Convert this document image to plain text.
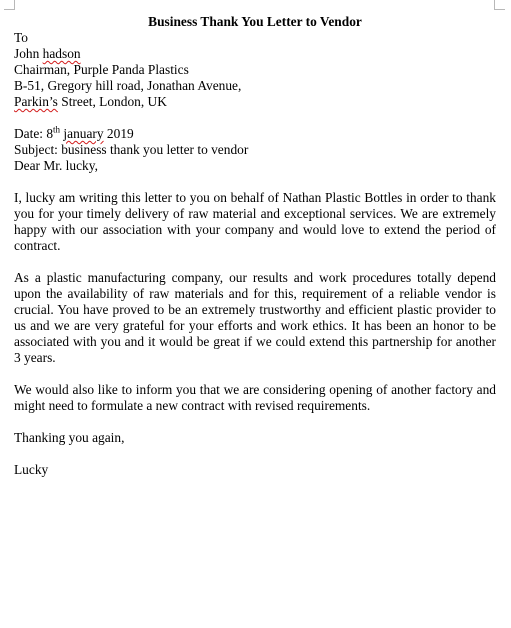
Business Thank You Letter to Vendor

To

John hadson

Chairman, Purple Panda Plastics

B-51, Gregory hill road, Jonathan Avenue,

Parkin’s Street, London, UK

Date: 8th january 2019

Subject: business thank you letter to vendor

Dear Mr. lucky,

I, lucky am writing this letter to you on behalf of Nathan Plastic Bottles in order to thank you for your timely delivery of raw material and exceptional services. We are extremely happy with our association with your company and would love to extend the period of contract.

As a plastic manufacturing company, our results and work procedures totally depend upon the availability of raw materials and for this, requirement of a reliable vendor is crucial. You have proved to be an extremely trustworthy and efficient plastic provider to us and we are very grateful for your efforts and work ethics. It has been an honor to be associated with you and it would be great if we could extend this partnership for another 3 years.

We would also like to inform you that we are considering opening of another factory and might need to formulate a new contract with revised requirements.

Thanking you again,

Lucky
